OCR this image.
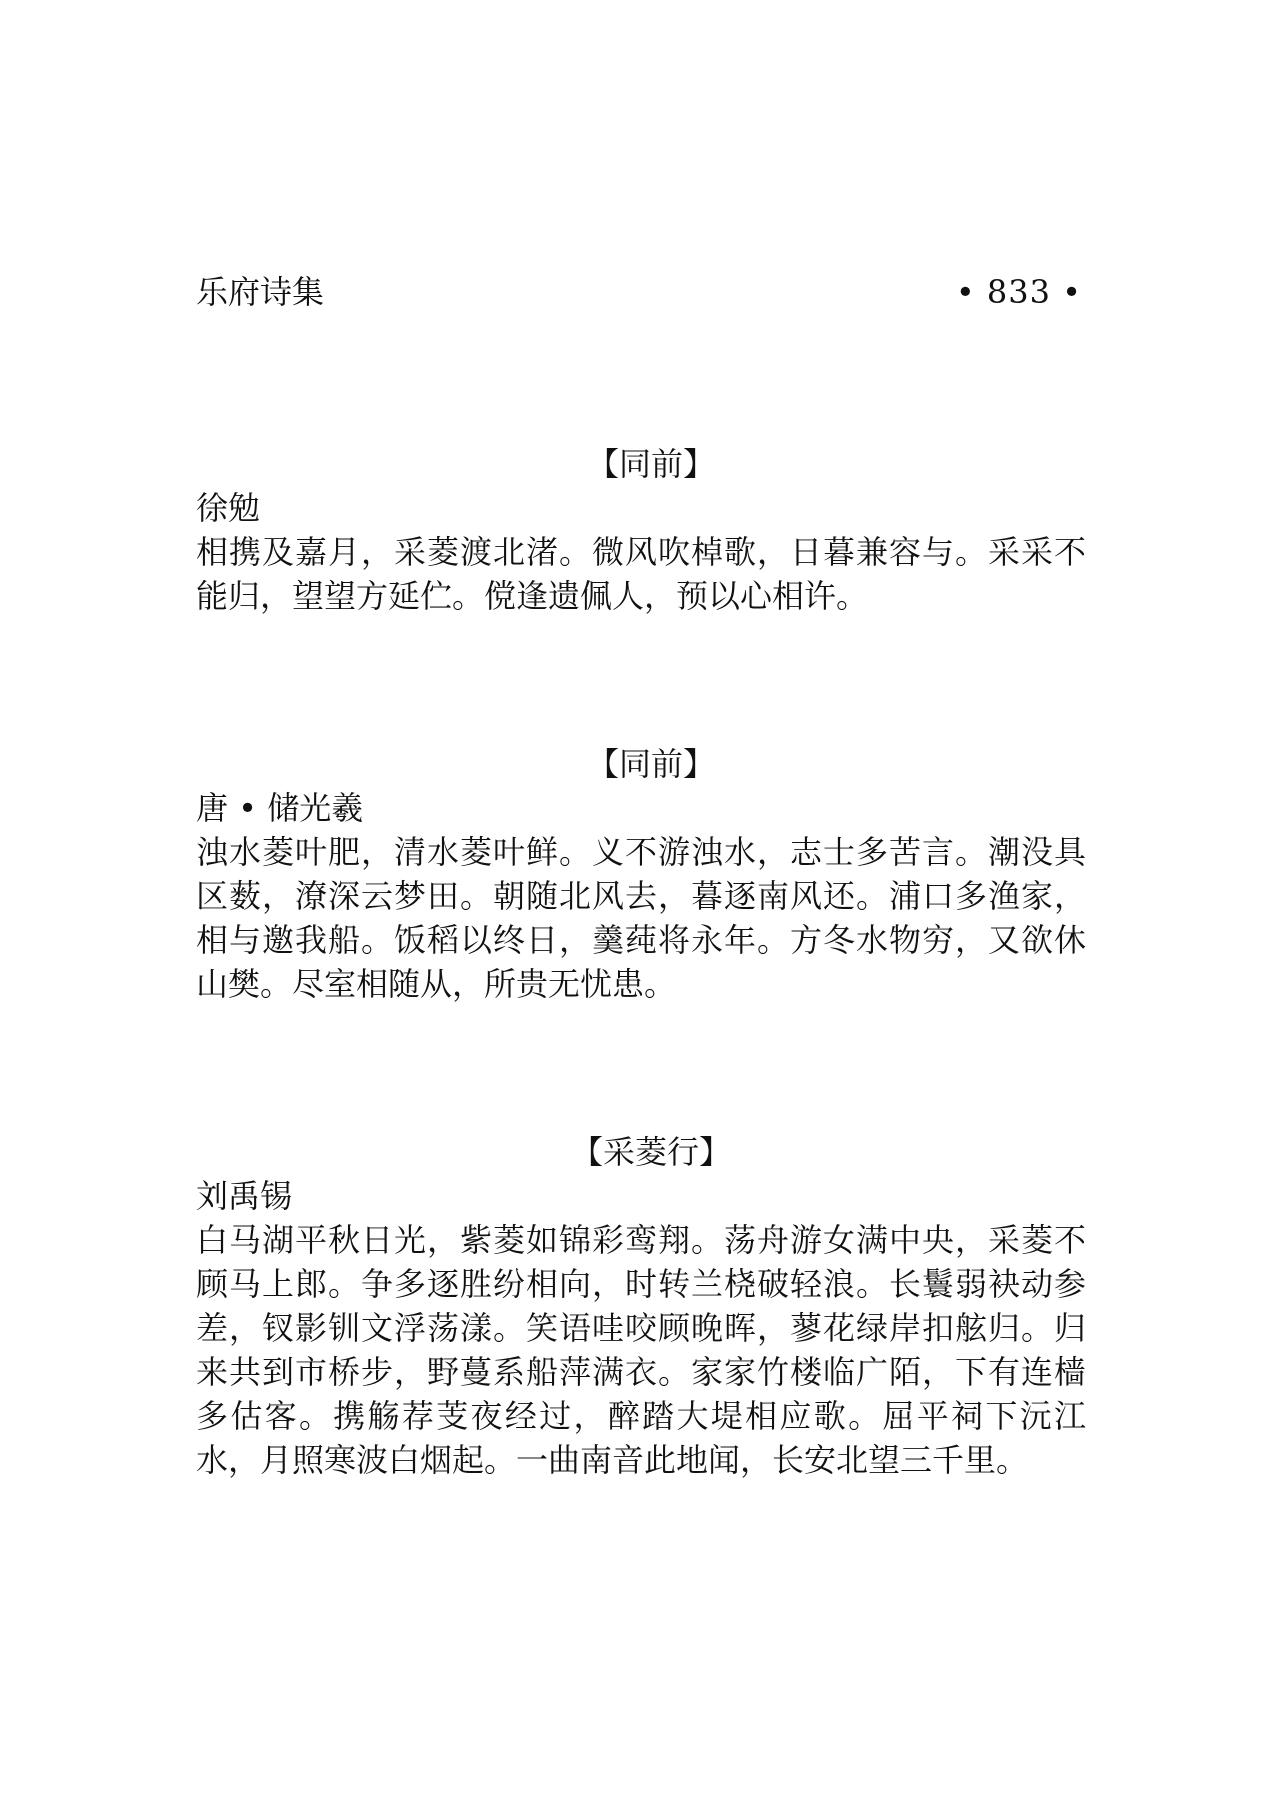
乐府诗集	• 833 •
【同前】
徐勉

相携及嘉月，采菱渡北渚。微风吹棹歌，日暮兼容与。采采不能归，望望方延伫。傥逢遗佩人，预以心相许。

【同前】
唐 • 储光羲

浊水菱叶肥，清水菱叶鲜。义不游浊水，志士多苦言。潮没具区薮，潦深云梦田。朝随北风去，暮逐南风还。浦口多渔家，相与邀我船。饭稻以终日，羹莼将永年。方冬水物穷，又欲休山樊。尽室相随从，所贵无忧患。

【采菱行】
刘禹锡

白马湖平秋日光，紫菱如锦彩鸾翔。荡舟游女满中央，采菱不顾马上郎。争多逐胜纷相向，时转兰桡破轻浪。长鬟弱袂动参差，钗影钏文浮荡漾。笑语哇咬顾晚晖，蓼花绿岸扣舷归。归来共到市桥步，野蔓系船萍满衣。家家竹楼临广陌，下有连樯多估客。携觞荐芰夜经过，醉踏大堤相应歌。屈平祠下沅江水，月照寒波白烟起。一曲南音此地闻，长安北望三千里。
